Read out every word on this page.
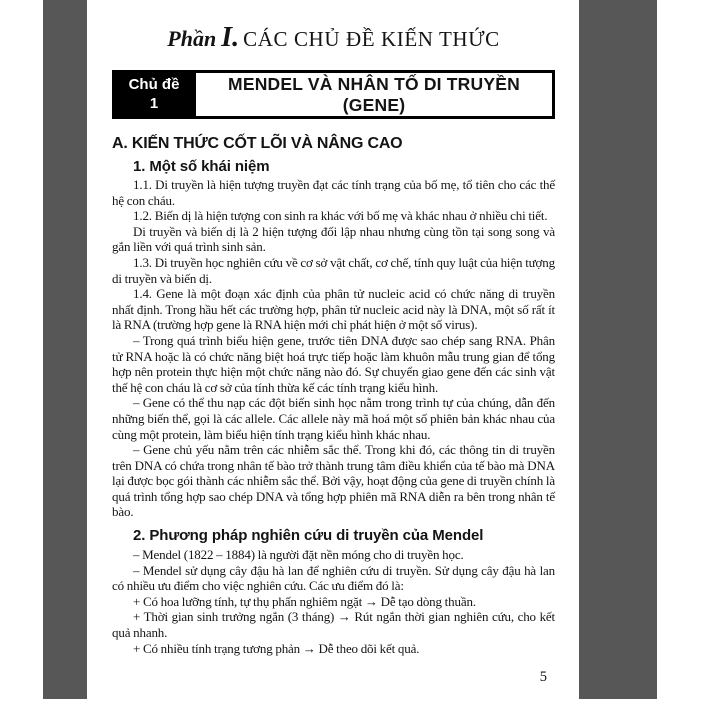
Phần I. CÁC CHỦ ĐỀ KIẾN THỨC
Chủ đề
1
MENDEL VÀ NHÂN TỐ DI TRUYỀN (GENE)
A. KIẾN THỨC CỐT LÕI VÀ NÂNG CAO
1. Một số khái niệm

1.1. Di truyền là hiện tượng truyền đạt các tính trạng của bố mẹ, tổ tiên cho các thế hệ con cháu.

1.2. Biến dị là hiện tượng con sinh ra khác với bố mẹ và khác nhau ở nhiều chi tiết.

Di truyền và biến dị là 2 hiện tượng đối lập nhau nhưng cùng tồn tại song song và gắn liền với quá trình sinh sản.

1.3. Di truyền học nghiên cứu về cơ sở vật chất, cơ chế, tính quy luật của hiện tượng di truyền và biến dị.

1.4. Gene là một đoạn xác định của phân tử nucleic acid có chức năng di truyền nhất định. Trong hầu hết các trường hợp, phân tử nucleic acid này là DNA, một số rất ít là RNA (trường hợp gene là RNA hiện mới chỉ phát hiện ở một số virus).

– Trong quá trình biểu hiện gene, trước tiên DNA được sao chép sang RNA. Phân tử RNA hoặc là có chức năng biệt hoá trực tiếp hoặc làm khuôn mẫu trung gian để tổng hợp nên protein thực hiện một chức năng nào đó. Sự chuyển giao gene đến các sinh vật thế hệ con cháu là cơ sở của tính thừa kế các tính trạng kiểu hình.

– Gene có thể thu nạp các đột biến sinh học nằm trong trình tự của chúng, dẫn đến những biến thể, gọi là các allele. Các allele này mã hoá một số phiên bản khác nhau của cùng một protein, làm biểu hiện tính trạng kiểu hình khác nhau.

– Gene chủ yếu nằm trên các nhiễm sắc thể. Trong khi đó, các thông tin di truyền trên DNA có chứa trong nhân tế bào trở thành trung tâm điều khiển của tế bào mà DNA lại được bọc gói thành các nhiễm sắc thể. Bởi vậy, hoạt động của gene di truyền chính là quá trình tổng hợp sao chép DNA và tổng hợp phiên mã RNA diễn ra bên trong nhân tế bào.

2. Phương pháp nghiên cứu di truyền của Mendel

– Mendel (1822 – 1884) là người đặt nền móng cho di truyền học.

– Mendel sử dụng cây đậu hà lan để nghiên cứu di truyền. Sử dụng cây đậu hà lan có nhiều ưu điểm cho việc nghiên cứu. Các ưu điểm đó là:

+ Có hoa lưỡng tính, tự thụ phấn nghiêm ngặt → Dễ tạo dòng thuần.

+ Thời gian sinh trưởng ngắn (3 tháng) → Rút ngắn thời gian nghiên cứu, cho kết quả nhanh.

+ Có nhiều tính trạng tương phản → Dễ theo dõi kết quả.

5
